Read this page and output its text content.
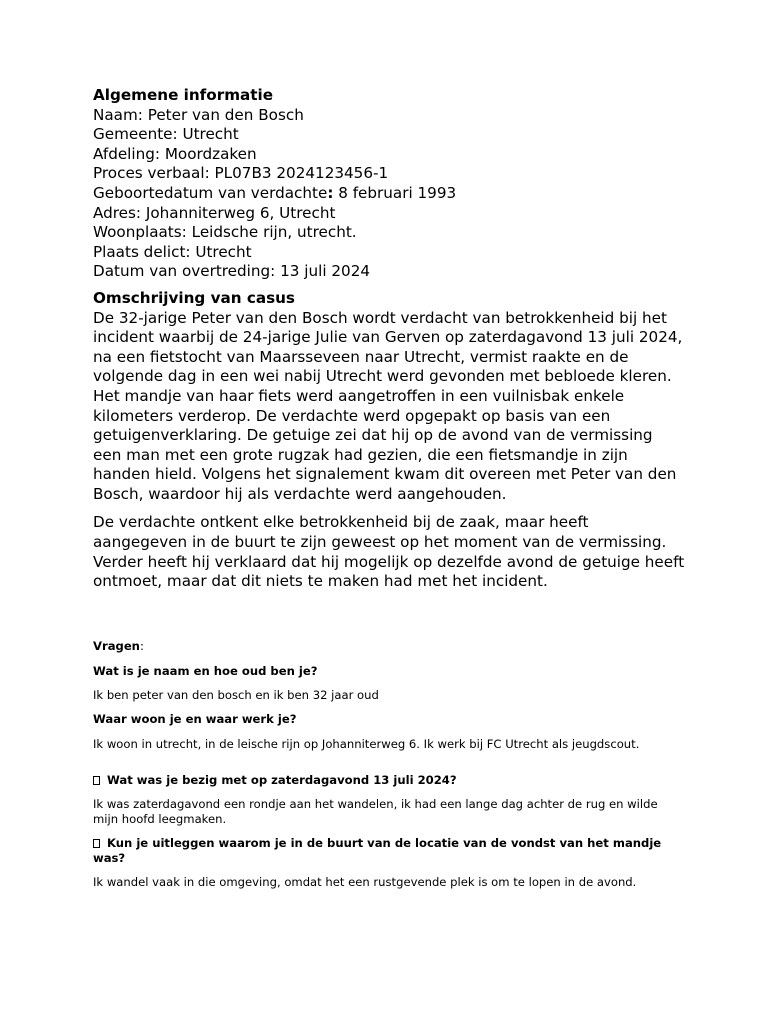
Algemene informatie

Naam: Peter van den Bosch

Gemeente: Utrecht

Afdeling: Moordzaken

Proces verbaal: PL07B3 2024123456-1

Geboortedatum van verdachte: 8 februari 1993

Adres: Johanniterweg 6, Utrecht

Woonplaats: Leidsche rijn, utrecht.

Plaats delict: Utrecht

Datum van overtreding: 13 juli 2024

Omschrijving van casus

De 32-jarige Peter van den Bosch wordt verdacht van betrokkenheid bij het incident waarbij de 24-jarige Julie van Gerven op zaterdagavond 13 juli 2024, na een fietstocht van Maarsseveen naar Utrecht, vermist raakte en de volgende dag in een wei nabij Utrecht werd gevonden met bebloede kleren. Het mandje van haar fiets werd aangetroffen in een vuilnisbak enkele kilometers verderop. De verdachte werd opgepakt op basis van een getuigenverklaring. De getuige zei dat hij op de avond van de vermissing een man met een grote rugzak had gezien, die een fietsmandje in zijn handen hield. Volgens het signalement kwam dit overeen met Peter van den Bosch, waardoor hij als verdachte werd aangehouden.

De verdachte ontkent elke betrokkenheid bij de zaak, maar heeft aangegeven in de buurt te zijn geweest op het moment van de vermissing. Verder heeft hij verklaard dat hij mogelijk op dezelfde avond de getuige heeft ontmoet, maar dat dit niets te maken had met het incident.

Vragen:

Wat is je naam en hoe oud ben je?

Ik ben peter van den bosch en ik ben 32 jaar oud

Waar woon je en waar werk je?

Ik woon in utrecht, in de leische rijn op Johanniterweg 6. Ik werk bij FC Utrecht als jeugdscout.

Wat was je bezig met op zaterdagavond 13 juli 2024?

Ik was zaterdagavond een rondje aan het wandelen, ik had een lange dag achter de rug en wilde mijn hoofd leegmaken.

Kun je uitleggen waarom je in de buurt van de locatie van de vondst van het mandje was?

Ik wandel vaak in die omgeving, omdat het een rustgevende plek is om te lopen in de avond.
